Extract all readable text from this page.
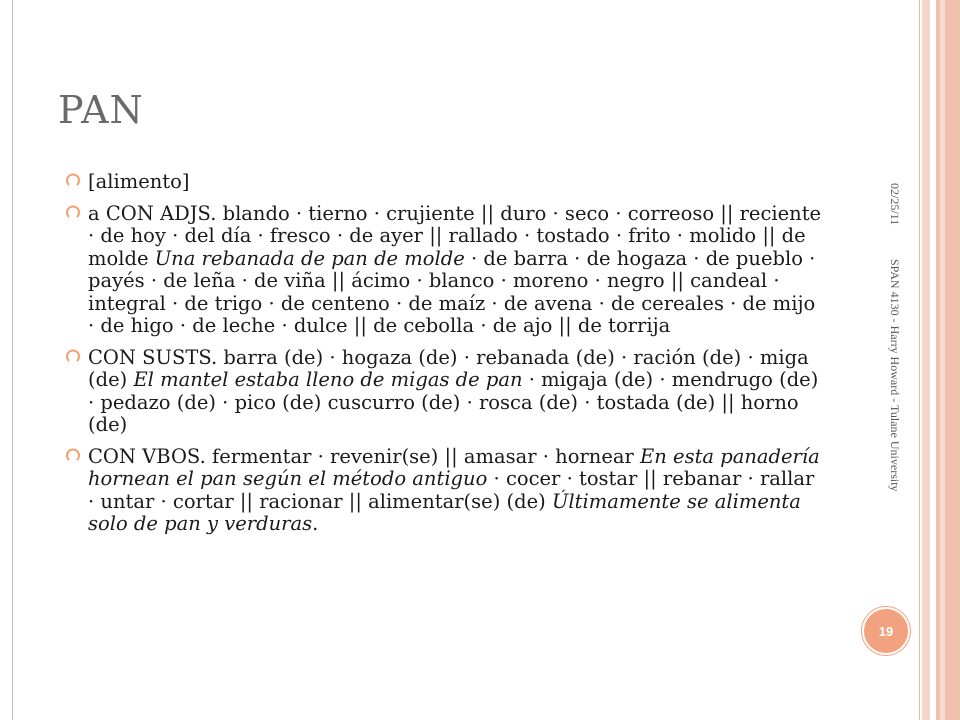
PAN
[alimento]
a CON ADJS. blando · tierno · crujiente || duro · seco · correoso || reciente · de hoy · del día · fresco · de ayer || rallado · tostado · frito · molido || de molde Una rebanada de pan de molde · de barra · de hogaza · de pueblo · payés · de leña · de viña || ácimo · blanco · moreno · negro || candeal · integral · de trigo · de centeno · de maíz · de avena · de cereales · de mijo · de higo · de leche · dulce || de cebolla · de ajo || de torrija
CON SUSTS. barra (de) · hogaza (de) · rebanada (de) · ración (de) · miga (de) El mantel estaba lleno de migas de pan · migaja (de) · mendrugo (de) · pedazo (de) · pico (de) cuscurro (de) · rosca (de) · tostada (de) || horno (de)
CON VBOS. fermentar · revenir(se) || amasar · hornear En esta panadería hornean el pan según el método antiguo · cocer · tostar || rebanar · rallar · untar · cortar || racionar || alimentar(se) (de) Últimamente se alimenta solo de pan y verduras.
02/25/11
SPAN 4130 - Harry Howard - Tulane University
19
